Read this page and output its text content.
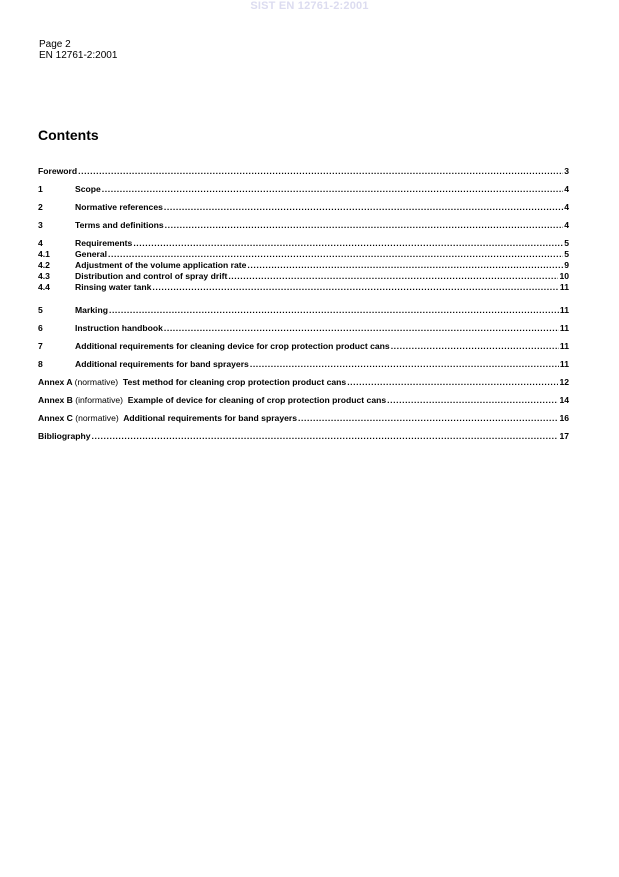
SIST EN 12761-2:2001
Page 2
EN 12761-2:2001
Contents
Foreword .....	3
1	Scope .....	4
2	Normative references .....	4
3	Terms and definitions .....	4
4	Requirements .....	5
4.1	General .....	5
4.2	Adjustment of the volume application rate .....	9
4.3	Distribution and control of spray drift .....	10
4.4	Rinsing water tank .....	11
5	Marking .....	11
6	Instruction handbook .....	11
7	Additional requirements for cleaning device for crop protection product cans .....	11
8	Additional requirements for band sprayers .....	11
Annex A (normative) Test method for cleaning crop protection product cans .....	12
Annex B (informative) Example of device for cleaning of crop protection product cans .....	14
Annex C (normative) Additional requirements for band sprayers .....	16
Bibliography .....	17
